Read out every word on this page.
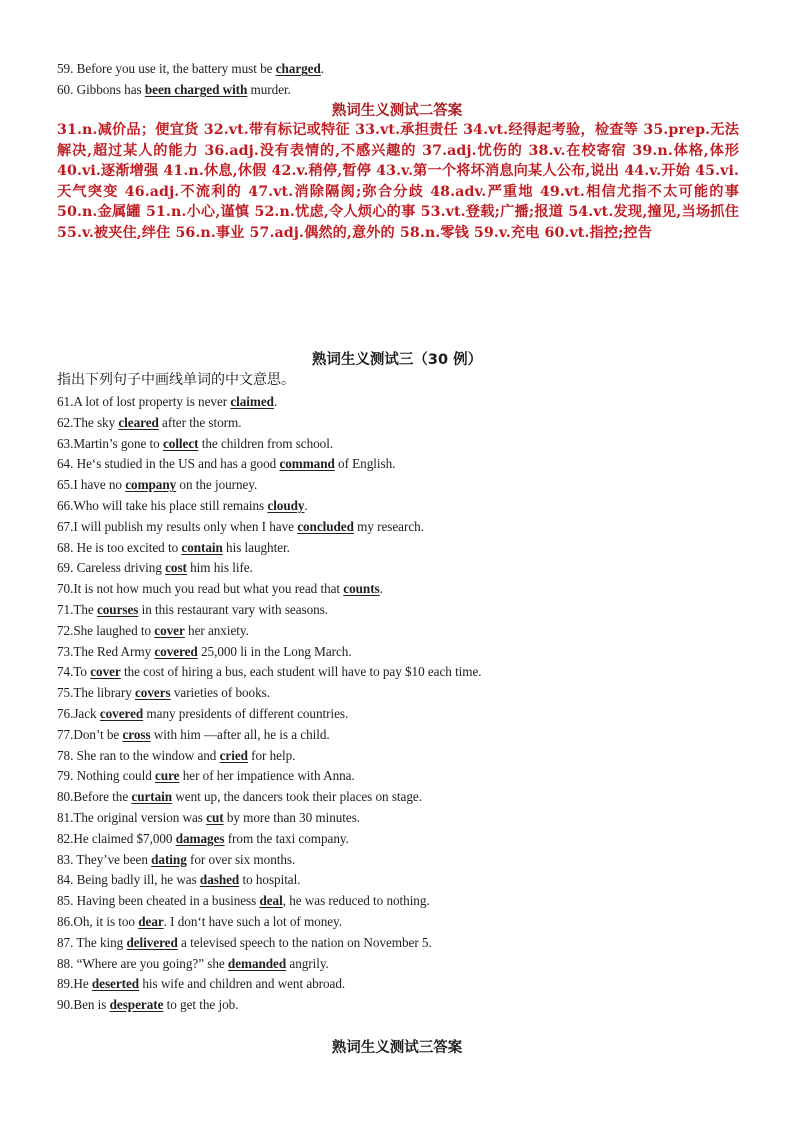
59. Before you use it, the battery must be charged.
60. Gibbons has been charged with murder.
熟词生义测试二答案
31.n.减价品；便宜货 32.vt.带有标记或特征 33.vt.承担责任 34.vt.经得起考验，检查等 35.prep.无法解决,超过某人的能力 36.adj.没有表情的,不感兴趣的 37.adj.忧伤的 38.v.在校寄宿 39.n.体格,体形 40.vi.逐渐增强 41.n.休息,休假 42.v.稍停,暂停 43.v.第一个将坏消息向某人公布,说出 44.v.开始 45.vi.天气突变 46.adj.不流利的 47.vt.消除隔阂;弥合分歧 48.adv.严重地 49.vt.相信尤指不太可能的事 50.n.金属罐 51.n.小心,谨慎 52.n.忧虑,令人烦心的事 53.vt.登载;广播;报道 54.vt.发现,撞见,当场抓住 55.v.被夹住,绊住 56.n.事业 57.adj.偶然的,意外的 58.n.零钱 59.v.充电 60.vt.指控;控告
熟词生义测试三（30 例）
指出下列句子中画线单词的中文意思。
61.A lot of lost property is never claimed.
62.The sky cleared after the storm.
63.Martin’s gone to collect the children from school.
64. He‘s studied in the US and has a good command of English.
65.I have no company on the journey.
66.Who will take his place still remains cloudy.
67.I will publish my results only when I have concluded my research.
68. He is too excited to contain his laughter.
69. Careless driving cost him his life.
70.It is not how much you read but what you read that counts.
71.The courses in this restaurant vary with seasons.
72.She laughed to cover her anxiety.
73.The Red Army covered 25,000 li in the Long March.
74.To cover the cost of hiring a bus, each student will have to pay $10 each time.
75.The library covers varieties of books.
76.Jack covered many presidents of different countries.
77.Don’t be cross with him —after all, he is a child.
78. She ran to the window and cried for help.
79. Nothing could cure her of her impatience with Anna.
80.Before the curtain went up, the dancers took their places on stage.
81.The original version was cut by more than 30 minutes.
82.He claimed $7,000 damages from the taxi company.
83. They’ve been dating for over six months.
84. Being badly ill, he was dashed to hospital.
85. Having been cheated in a business deal, he was reduced to nothing.
86.Oh, it is too dear. I don‘t have such a lot of money.
87. The king delivered a televised speech to the nation on November 5.
88. “Where are you going?” she demanded angrily.
89.He deserted his wife and children and went abroad.
90.Ben is desperate to get the job.
熟词生义测试三答案
